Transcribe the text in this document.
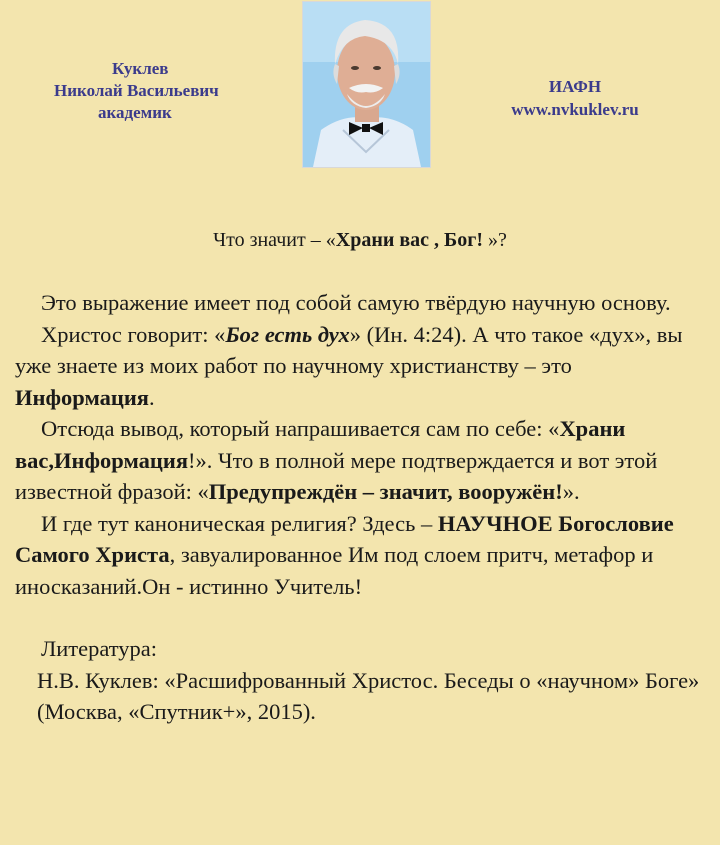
Куклев
Николай Васильевич
академик
ИАФН
www.nvkuklev.ru
Что значит – «Храни вас , Бог! »?

Это выражение имеет под собой самую твёрдую научную основу.

Христос говорит: «Бог есть дух» (Ин. 4:24). А что такое «дух», вы уже знаете из моих работ по научному христианству – это Информация.

Отсюда вывод, который напрашивается сам по себе: «Храни вас,Информация!». Что в полной мере подтверждается и вот этой известной фразой: «Предупреждён – значит, вооружён!».

И где тут каноническая религия? Здесь – НАУЧНОЕ Богословие Самого Христа, завуалированное Им под слоем притч, метафор и иносказаний.Он - истинно Учитель!

Литература:

Н.В. Куклев: «Расшифрованный Христос. Беседы о «научном» Боге» (Москва, «Спутник+», 2015).
